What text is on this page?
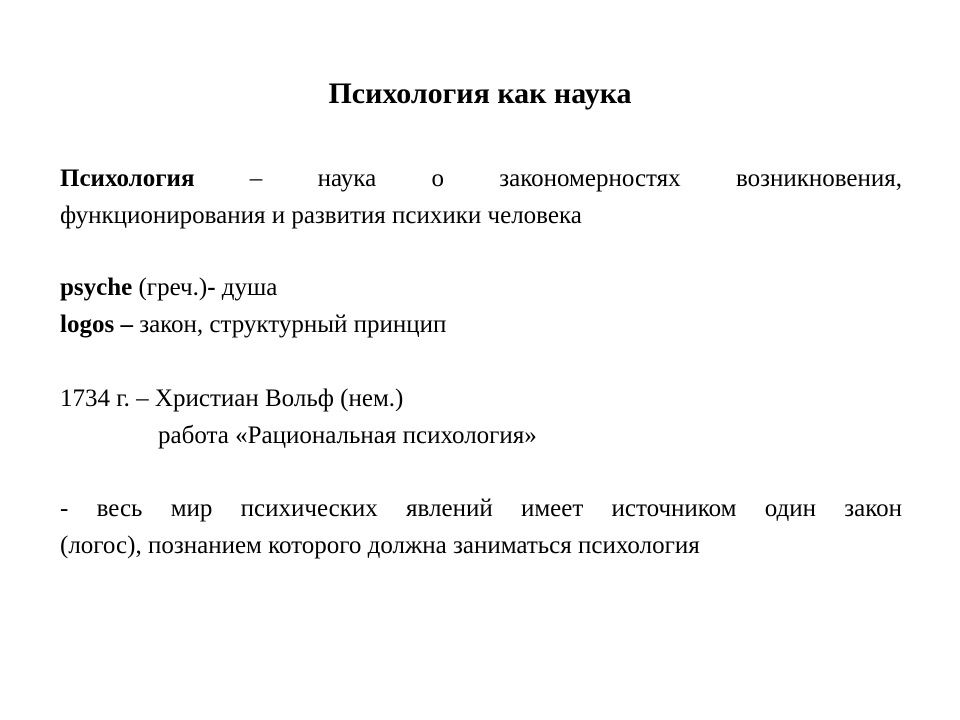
Психология как наука
Психология – наука о закономерностях возникновения,
функционирования и развития психики человека
psyche (греч.)- душа
logos – закон, структурный принцип
1734 г. – Христиан Вольф (нем.)
работа «Рациональная психология»
- весь мир психических явлений имеет источником один закон
(логос), познанием которого должна заниматься психология
